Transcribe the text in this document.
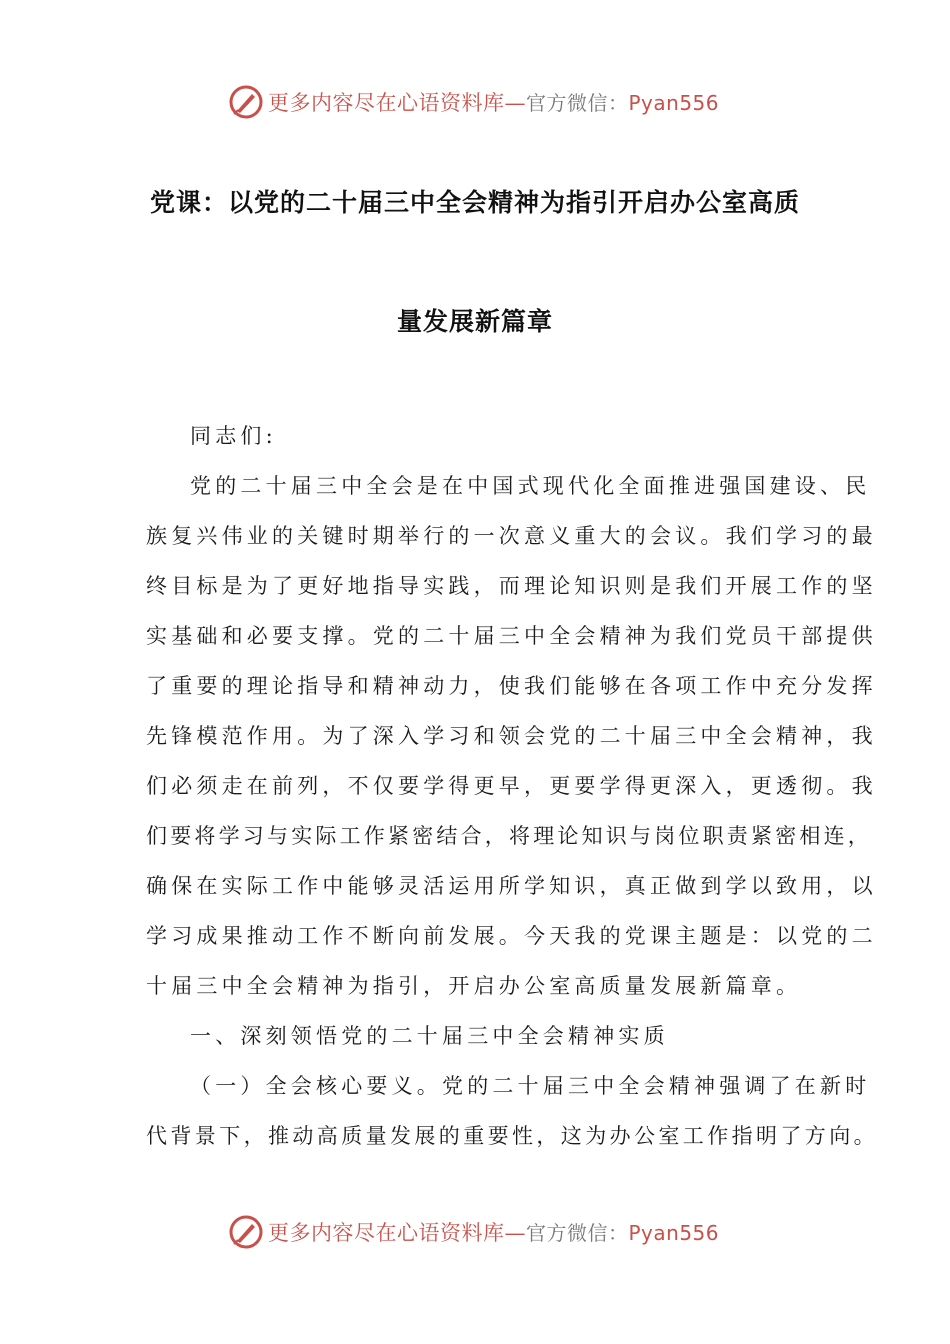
更多内容尽在心语资料库—官方微信：Pyan556
党课：以党的二十届三中全会精神为指引开启办公室高质
量发展新篇章
同志们:
党的二十届三中全会是在中国式现代化全面推进强国建设、民
族复兴伟业的关键时期举行的一次意义重大的会议。我们学习的最
终目标是为了更好地指导实践，而理论知识则是我们开展工作的坚
实基础和必要支撑。党的二十届三中全会精神为我们党员干部提供
了重要的理论指导和精神动力，使我们能够在各项工作中充分发挥
先锋模范作用。为了深入学习和领会党的二十届三中全会精神，我
们必须走在前列，不仅要学得更早，更要学得更深入，更透彻。我
们要将学习与实际工作紧密结合，将理论知识与岗位职责紧密相连，
确保在实际工作中能够灵活运用所学知识，真正做到学以致用，以
学习成果推动工作不断向前发展。今天我的党课主题是：以党的二
十届三中全会精神为指引，开启办公室高质量发展新篇章。
一、深刻领悟党的二十届三中全会精神实质
（一）全会核心要义。党的二十届三中全会精神强调了在新时
代背景下，推动高质量发展的重要性，这为办公室工作指明了方向。
更多内容尽在心语资料库—官方微信：Pyan556
